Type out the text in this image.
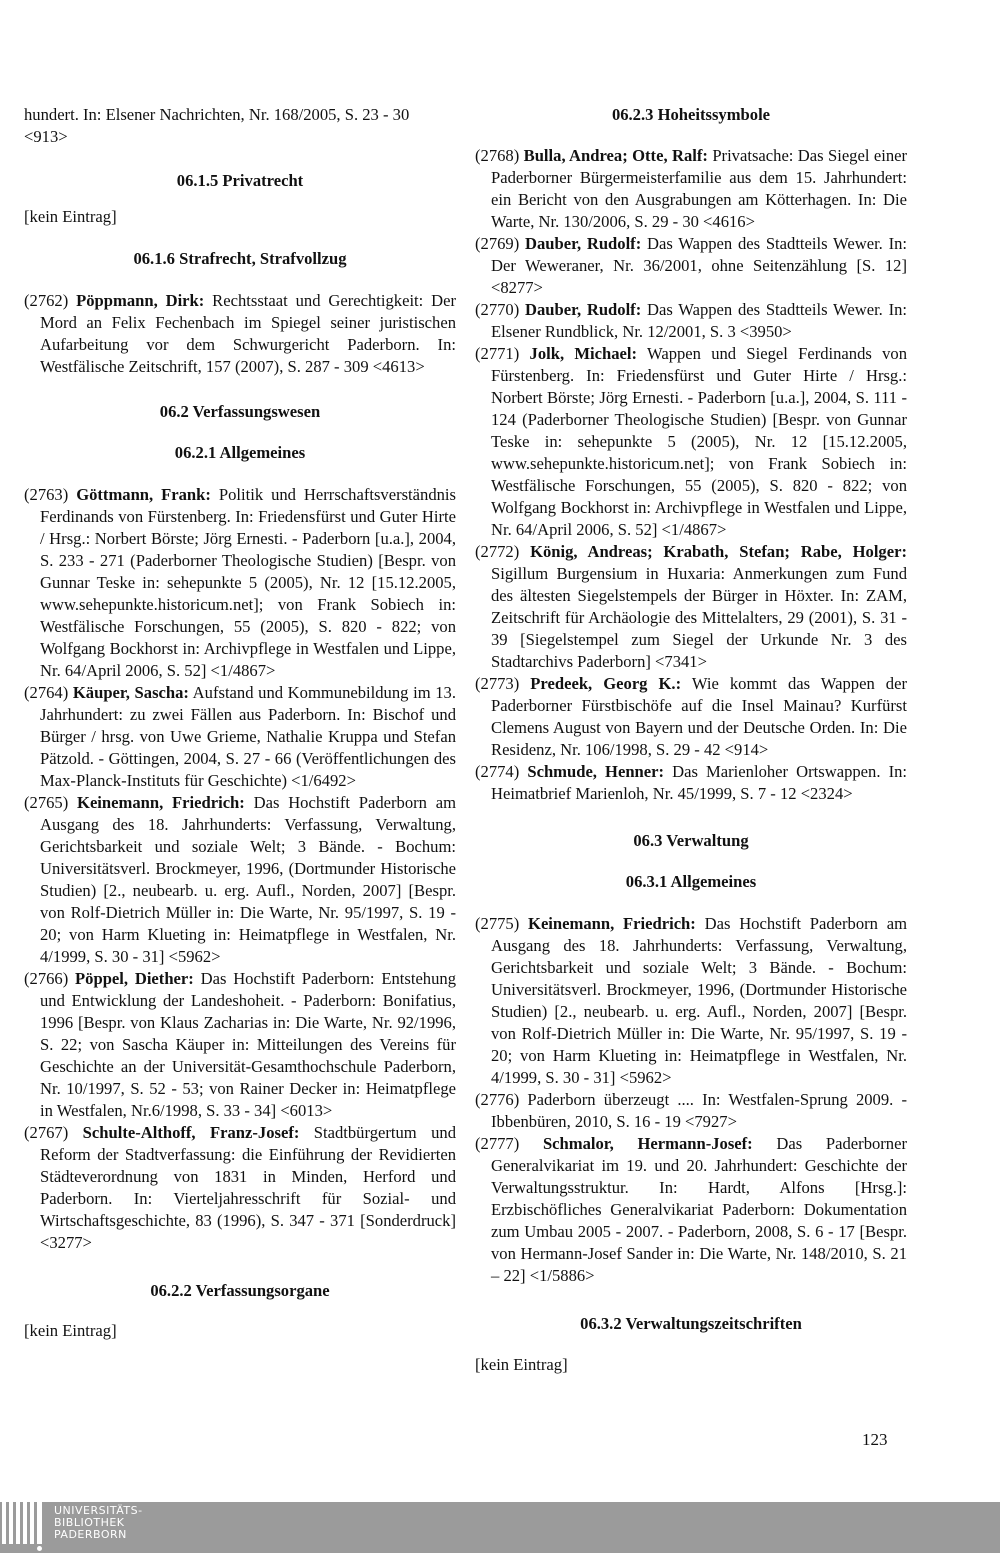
hundert. In: Elsener Nachrichten, Nr. 168/2005, S. 23 - 30

<913>

06.1.5 Privatrecht

[kein Eintrag]

06.1.6 Strafrecht, Strafvollzug

(2762) Pöppmann, Dirk: Rechtsstaat und Gerechtigkeit: Der Mord an Felix Fechenbach im Spiegel seiner juristischen Aufarbeitung vor dem Schwurgericht Paderborn. In: Westfälische Zeitschrift, 157 (2007), S. 287 - 309 <4613>

06.2 Verfassungswesen

06.2.1 Allgemeines

(2763) Göttmann, Frank: Politik und Herrschaftsverständnis Ferdinands von Fürstenberg. In: Friedensfürst und Guter Hirte / Hrsg.: Norbert Börste; Jörg Ernesti. - Paderborn [u.a.], 2004, S. 233 - 271 (Paderborner Theologische Studien) [Bespr. von Gunnar Teske in: sehepunkte 5 (2005), Nr. 12 [15.12.2005, www.sehepunkte.historicum.net]; von Frank Sobiech in: Westfälische Forschungen, 55 (2005), S. 820 - 822; von Wolfgang Bockhorst in: Archivpflege in Westfalen und Lippe, Nr. 64/April 2006, S. 52] <1/4867>

(2764) Käuper, Sascha: Aufstand und Kommunebildung im 13. Jahrhundert: zu zwei Fällen aus Paderborn. In: Bischof und Bürger / hrsg. von Uwe Grieme, Nathalie Kruppa und Stefan Pätzold. - Göttingen, 2004, S. 27 - 66 (Veröffentlichungen des Max-Planck-Instituts für Geschichte) <1/6492>

(2765) Keinemann, Friedrich: Das Hochstift Paderborn am Ausgang des 18. Jahrhunderts: Verfassung, Verwaltung, Gerichtsbarkeit und soziale Welt; 3 Bände. - Bochum: Universitätsverl. Brockmeyer, 1996, (Dortmunder Historische Studien) [2., neubearb. u. erg. Aufl., Norden, 2007] [Bespr. von Rolf-Dietrich Müller in: Die Warte, Nr. 95/1997, S. 19 - 20; von Harm Klueting in: Heimatpflege in Westfalen, Nr. 4/1999, S. 30 - 31] <5962>

(2766) Pöppel, Diether: Das Hochstift Paderborn: Entstehung und Entwicklung der Landeshoheit. - Paderborn: Bonifatius, 1996 [Bespr. von Klaus Zacharias in: Die Warte, Nr. 92/1996, S. 22; von Sascha Käuper in: Mitteilungen des Vereins für Geschichte an der Universität-Gesamthochschule Paderborn, Nr. 10/1997, S. 52 - 53; von Rainer Decker in: Heimatpflege in Westfalen, Nr.6/1998, S. 33 - 34] <6013>

(2767) Schulte-Althoff, Franz-Josef: Stadtbürgertum und Reform der Stadtverfassung: die Einführung der Revidierten Städteverordnung von 1831 in Minden, Herford und Paderborn. In: Vierteljahresschrift für Sozial- und Wirtschaftsgeschichte, 83 (1996), S. 347 - 371 [Sonderdruck] <3277>

06.2.2 Verfassungsorgane

[kein Eintrag]

06.2.3 Hoheitssymbole

(2768) Bulla, Andrea; Otte, Ralf: Privatsache: Das Siegel einer Paderborner Bürgermeisterfamilie aus dem 15. Jahrhundert: ein Bericht von den Ausgrabungen am Kötterhagen. In: Die Warte, Nr. 130/2006, S. 29 - 30 <4616>

(2769) Dauber, Rudolf: Das Wappen des Stadtteils Wewer. In: Der Weweraner, Nr. 36/2001, ohne Seitenzählung [S. 12] <8277>

(2770) Dauber, Rudolf: Das Wappen des Stadtteils Wewer. In: Elsener Rundblick, Nr. 12/2001, S. 3 <3950>

(2771) Jolk, Michael: Wappen und Siegel Ferdinands von Fürstenberg. In: Friedensfürst und Guter Hirte / Hrsg.: Norbert Börste; Jörg Ernesti. - Paderborn [u.a.], 2004, S. 111 - 124 (Paderborner Theologische Studien) [Bespr. von Gunnar Teske in: sehepunkte 5 (2005), Nr. 12 [15.12.2005, www.sehepunkte.historicum.net]; von Frank Sobiech in: Westfälische Forschungen, 55 (2005), S. 820 - 822; von Wolfgang Bockhorst in: Archivpflege in Westfalen und Lippe, Nr. 64/April 2006, S. 52] <1/4867>

(2772) König, Andreas; Krabath, Stefan; Rabe, Holger: Sigillum Burgensium in Huxaria: Anmerkungen zum Fund des ältesten Siegelstempels der Bürger in Höxter. In: ZAM, Zeitschrift für Archäologie des Mittelalters, 29 (2001), S. 31 - 39 [Siegelstempel zum Siegel der Urkunde Nr. 3 des Stadtarchivs Paderborn] <7341>

(2773) Predeek, Georg K.: Wie kommt das Wappen der Paderborner Fürstbischöfe auf die Insel Mainau? Kurfürst Clemens August von Bayern und der Deutsche Orden. In: Die Residenz, Nr. 106/1998, S. 29 - 42 <914>

(2774) Schmude, Henner: Das Marienloher Ortswappen. In: Heimatbrief Marienloh, Nr. 45/1999, S. 7 - 12 <2324>

06.3 Verwaltung

06.3.1 Allgemeines

(2775) Keinemann, Friedrich: Das Hochstift Paderborn am Ausgang des 18. Jahrhunderts: Verfassung, Verwaltung, Gerichtsbarkeit und soziale Welt; 3 Bände. - Bochum: Universitätsverl. Brockmeyer, 1996, (Dortmunder Historische Studien) [2., neubearb. u. erg. Aufl., Norden, 2007] [Bespr. von Rolf-Dietrich Müller in: Die Warte, Nr. 95/1997, S. 19 - 20; von Harm Klueting in: Heimatpflege in Westfalen, Nr. 4/1999, S. 30 - 31] <5962>

(2776) Paderborn überzeugt .... In: Westfalen-Sprung 2009. - Ibbenbüren, 2010, S. 16 - 19 <7927>

(2777) Schmalor, Hermann-Josef: Das Paderborner Generalvikariat im 19. und 20. Jahrhundert: Geschichte der Verwaltungsstruktur. In: Hardt, Alfons [Hrsg.]: Erzbischöfliches Generalvikariat Paderborn: Dokumentation zum Umbau 2005 - 2007. - Paderborn, 2008, S. 6 - 17 [Bespr. von Hermann-Josef Sander in: Die Warte, Nr. 148/2010, S. 21 – 22] <1/5886>

06.3.2 Verwaltungszeitschriften

[kein Eintrag]

123
UNIVERSITÄTS-
BIBLIOTHEK
PADERBORN
